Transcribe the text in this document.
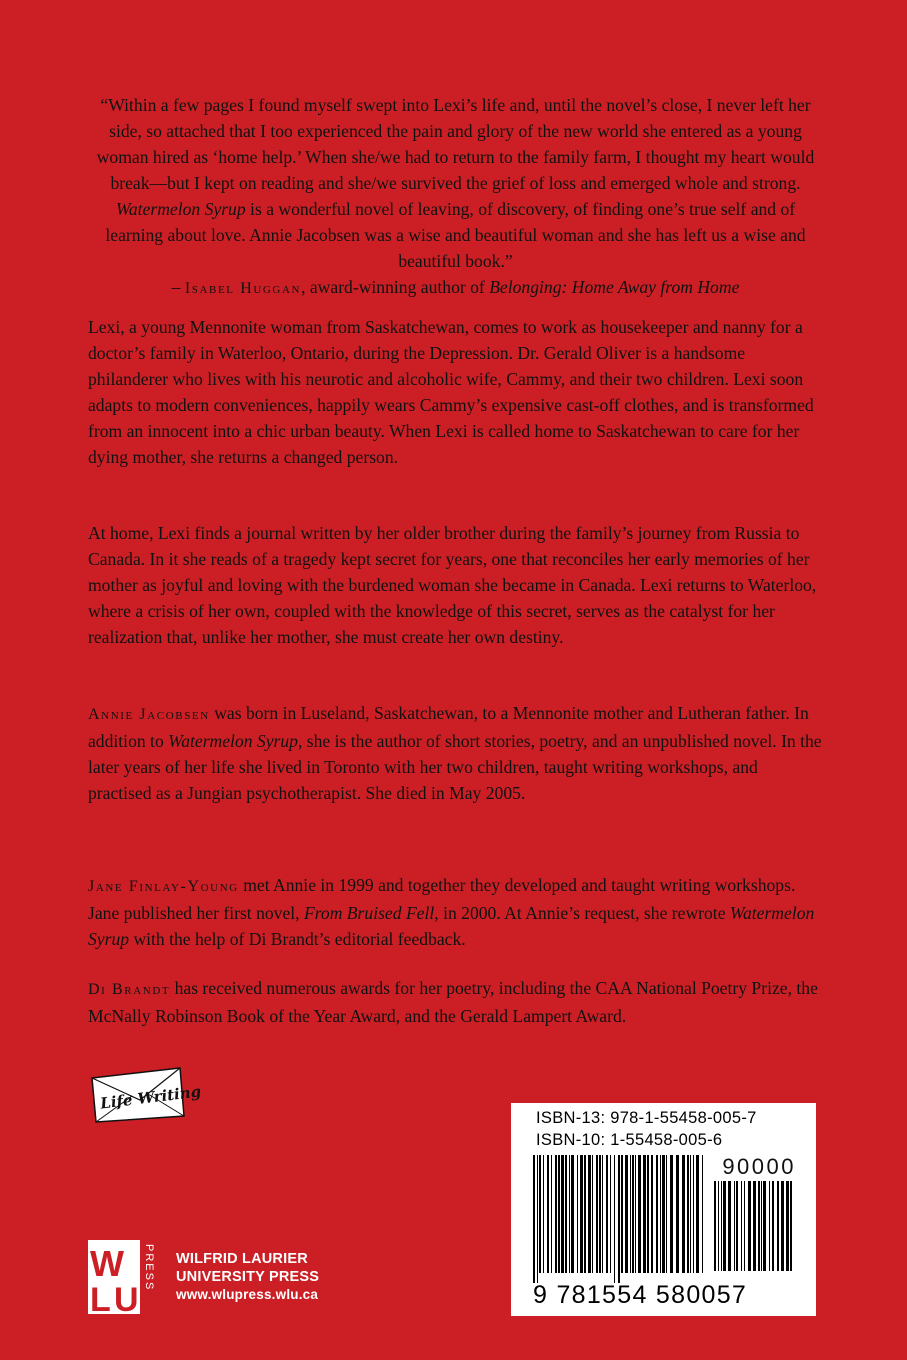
“Within a few pages I found myself swept into Lexi’s life and, until the novel’s close, I never left her side, so attached that I too experienced the pain and glory of the new world she entered as a young woman hired as ‘home help.’ When she/we had to return to the family farm, I thought my heart would break—but I kept on reading and she/we survived the grief of loss and emerged whole and strong. Watermelon Syrup is a wonderful novel of leaving, of discovery, of finding one’s true self and of learning about love. Annie Jacobsen was a wise and beautiful woman and she has left us a wise and beautiful book.”
– Isabel Huggan, award-winning author of Belonging: Home Away from Home
Lexi, a young Mennonite woman from Saskatchewan, comes to work as housekeeper and nanny for a doctor’s family in Waterloo, Ontario, during the Depression. Dr. Gerald Oliver is a handsome philanderer who lives with his neurotic and alcoholic wife, Cammy, and their two children. Lexi soon adapts to modern conveniences, happily wears Cammy’s expensive cast-off clothes, and is transformed from an innocent into a chic urban beauty. When Lexi is called home to Saskatchewan to care for her dying mother, she returns a changed person.
At home, Lexi finds a journal written by her older brother during the family’s journey from Russia to Canada. In it she reads of a tragedy kept secret for years, one that reconciles her early memories of her mother as joyful and loving with the burdened woman she became in Canada. Lexi returns to Waterloo, where a crisis of her own, coupled with the knowledge of this secret, serves as the catalyst for her realization that, unlike her mother, she must create her own destiny.
Annie Jacobsen was born in Luseland, Saskatchewan, to a Mennonite mother and Lutheran father. In addition to Watermelon Syrup, she is the author of short stories, poetry, and an unpublished novel. In the later years of her life she lived in Toronto with her two children, taught writing workshops, and practised as a Jungian psychotherapist. She died in May 2005.
Jane Finlay-Young met Annie in 1999 and together they developed and taught writing workshops. Jane published her first novel, From Bruised Fell, in 2000. At Annie’s request, she rewrote Watermelon Syrup with the help of Di Brandt’s editorial feedback.
Di Brandt has received numerous awards for her poetry, including the CAA National Poetry Prize, the McNally Robinson Book of the Year Award, and the Gerald Lampert Award.
Life Writing
W
L U
PRESS WILFRID LAURIER
UNIVERSITY PRESS
www.wlupress.wlu.ca
ISBN-13: 978-1-55458-005-7
ISBN-10: 1-55458-005-6
90000
9 781554 580057
